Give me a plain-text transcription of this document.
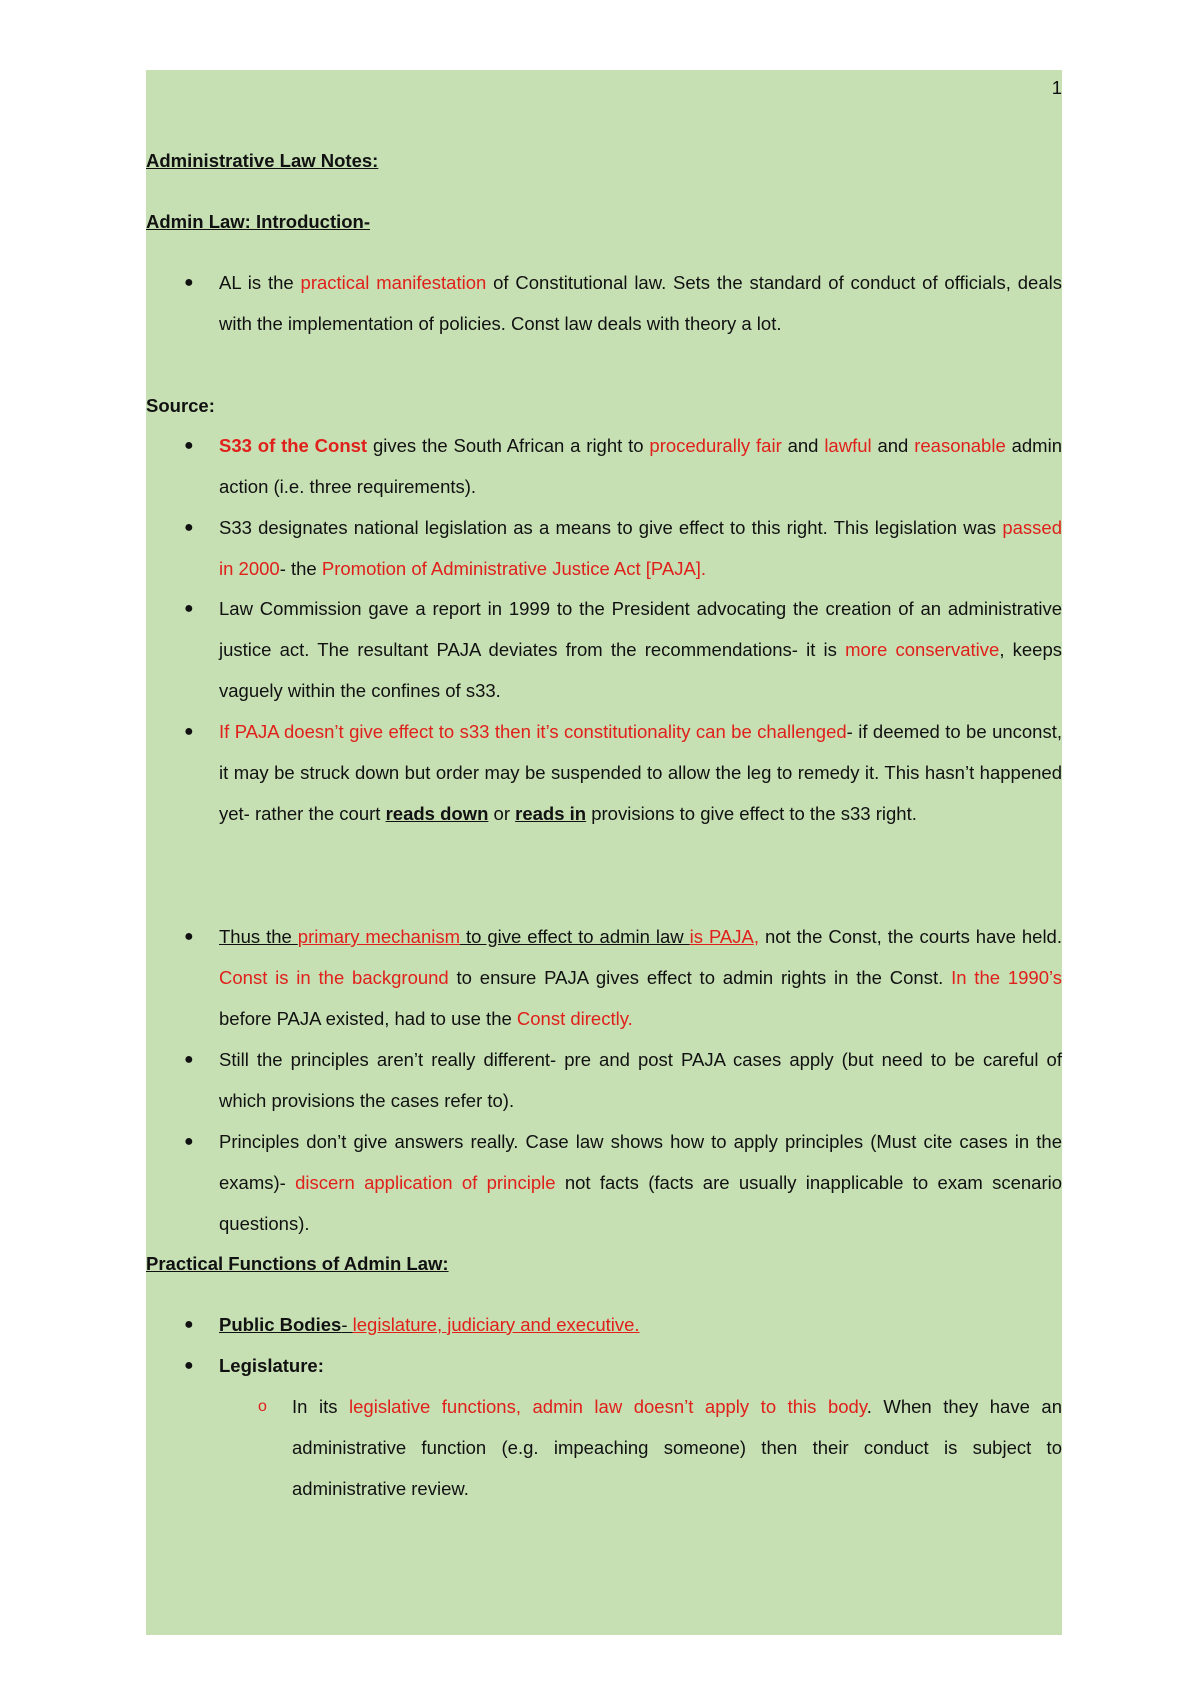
1
Administrative Law Notes:
Admin Law: Introduction-
● AL is the practical manifestation of Constitutional law. Sets the standard of conduct of officials, deals with the implementation of policies. Const law deals with theory a lot.
Source:
● S33 of the Const gives the South African a right to procedurally fair and lawful and reasonable admin action (i.e. three requirements).
● S33 designates national legislation as a means to give effect to this right. This legislation was passed in 2000- the Promotion of Administrative Justice Act [PAJA].
● Law Commission gave a report in 1999 to the President advocating the creation of an administrative justice act. The resultant PAJA deviates from the recommendations- it is more conservative, keeps vaguely within the confines of s33.
● If PAJA doesn’t give effect to s33 then it’s constitutionality can be challenged- if deemed to be unconst, it may be struck down but order may be suspended to allow the leg to remedy it. This hasn’t happened yet- rather the court reads down or reads in provisions to give effect to the s33 right.
● Thus the primary mechanism to give effect to admin law is PAJA, not the Const, the courts have held. Const is in the background to ensure PAJA gives effect to admin rights in the Const. In the 1990’s before PAJA existed, had to use the Const directly.
● Still the principles aren’t really different- pre and post PAJA cases apply (but need to be careful of which provisions the cases refer to).
● Principles don’t give answers really. Case law shows how to apply principles (Must cite cases in the exams)- discern application of principle not facts (facts are usually inapplicable to exam scenario questions).
Practical Functions of Admin Law:
● Public Bodies- legislature, judiciary and executive.
● Legislature:
o In its legislative functions, admin law doesn’t apply to this body. When they have an administrative function (e.g. impeaching someone) then their conduct is subject to administrative review.
